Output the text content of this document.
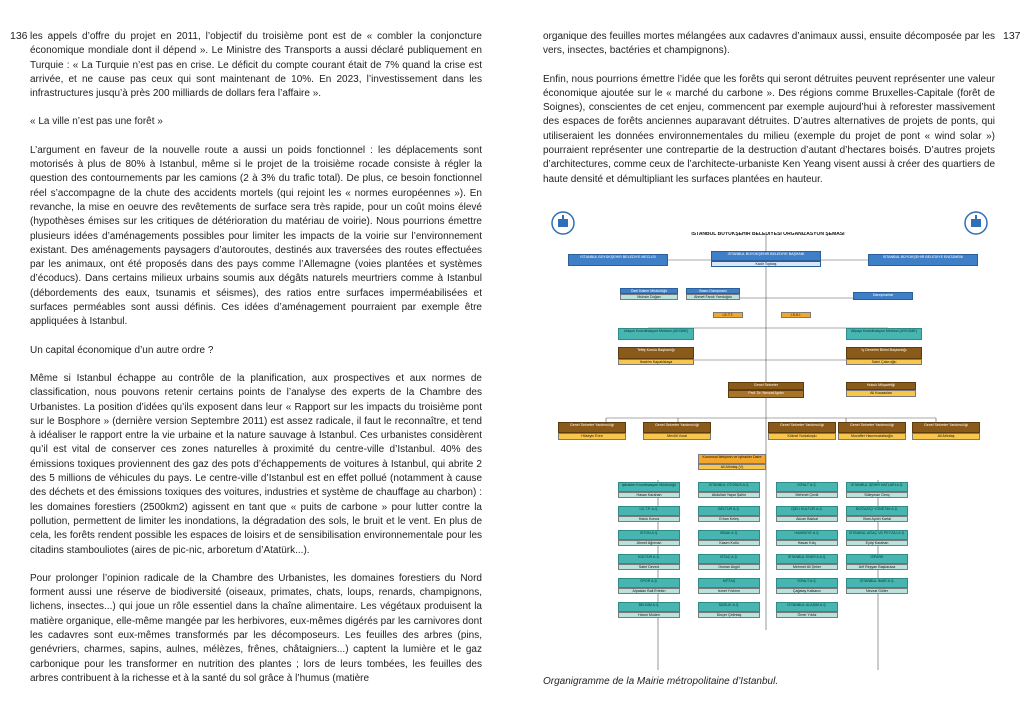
136	137

les appels d’offre du projet en 2011, l’objectif du troisième pont est de « combler la conjoncture économique mondiale dont il dépend ». Le Ministre des Transports a aussi déclaré publiquement en Turquie : « La Turquie n’est pas en crise. Le déficit du compte courant était de 7% quand la crise est arrivée, et ne cause pas ceux qui sont maintenant de 10%. En 2023, l’investissement dans les infrastructures jusqu’à près 200 milliards de dollars fera l’affaire ».

« La ville n’est pas une forêt »

L’argument en faveur de la nouvelle route a aussi un poids fonctionnel : les déplacements sont motorisés à plus de 80% à Istanbul, même si le projet de la troisième rocade consiste à régler la question des contournements par les camions (2 à 3% du trafic total). De plus, ce besoin fonctionnel réel s’accompagne de la chute des accidents mortels (qui rejoint les « normes européennes »). En revanche, la mise en oeuvre des revêtements de surface sera très rapide, pour un coût moins élevé (hypothèses émises sur les critiques de détérioration du matériau de voirie). Nous pourrions émettre plusieurs idées d’aménagements possibles pour limiter les impacts de la voirie sur l’environnement existant. Des aménagements paysagers d’autoroutes, destinés aux traversées des routes effectuées par les animaux, ont été proposés dans des pays comme l’Allemagne (voies plantées et systèmes d’écoducs). Dans certains milieux urbains soumis aux dégâts naturels meurtriers comme à Istanbul (débordements des eaux, tsunamis et séismes), des ratios entre surfaces imperméabilisées et surfaces perméables sont aussi définis. Ces idées d’aménagement pourraient par exemple être appliquées à Istanbul.

Un capital économique d’un autre ordre ?

Même si Istanbul échappe au contrôle de la planification, aux prospectives et aux normes de classification, nous pouvons retenir certains points de l’analyse des experts de la Chambre des Urbanistes. La position d’idées qu’ils exposent dans leur « Rapport sur les impacts du troisième pont sur le Bosphore » (dernière version Septembre 2011) est assez radicale, il faut le reconnaître, et tend à idéaliser le rapport entre la vie urbaine et la nature sauvage à Istanbul. Ces urbanistes considèrent qu’il est vital de conserver ces zones naturelles à proximité du centre-ville d’Istanbul. 40% des émissions toxiques proviennent des gaz des pots d’échappements de voitures à Istanbul, qui abrite 2 des 5 millions de véhicules du pays. Le centre-ville d’Istanbul est en effet pollué (notamment à cause des déchets et des émissions toxiques des voitures, industries et système de chauffage au charbon) : les domaines forestiers (2500km2) agissent en tant que « puits de carbone » pour lutter contre la pollution, permettent de limiter les inondations, la dégradation des sols, le bruit et le vent. En plus de cela, les forêts rendent possible les espaces de loisirs et de sensibilisation environnementale pour les citadins stambouliotes (aires de pic-nic, arboretum d’Atatürk...).

Pour prolonger l’opinion radicale de la Chambre des Urbanistes, les domaines forestiers du Nord forment aussi une réserve de biodiversité (oiseaux, primates, chats, loups, renards, champignons, lichens, insectes...) qui joue un rôle essentiel dans la chaîne alimentaire. Les végétaux produisent la matière organique, elle-même mangée par les herbivores, eux-mêmes digérés par les carnivores dont les cadavres sont eux-mêmes transformés par les décomposeurs. Les feuilles des arbres (pins, genévriers, charmes, sapins, aulnes, mélèzes, frênes, châtaigniers...) captent la lumière et le gaz carbonique pour les transformer en nutrition des plantes ; lors de leurs tombées, les feuilles des arbres contribuent à la richesse et à la santé du sol grâce à l’humus (matière

organique des feuilles mortes mélangées aux cadavres d’animaux aussi, ensuite décomposée par les vers, insectes, bactéries et champignons).

Enfin, nous pourrions émettre l’idée que les forêts qui seront détruites peuvent représenter une valeur économique ajoutée sur le « marché du carbone ». Des régions comme Bruxelles-Capitale (forêt de Soignes), conscientes de cet enjeu, commencent par exemple aujourd’hui à reforester massivement des espaces de forêts anciennes auparavant détruites. D’autres alternatives de projets de ponts, qui utiliseraient les données environnementales du milieu (exemple du projet de pont « wind solar ») pourraient représenter une contrepartie de la destruction d’autant d’hectares boisés. D’autres projets d’architectures, comme ceux de l’architecte-urbaniste Ken Yeang visent aussi à créer des quartiers de haute densité et démultipliant les surfaces plantées en hauteur.

İSTANBUL BÜYÜKŞEHİR BELEDİYESİ ORGANİZASYON ŞEMASI
İSTANBUL BÜYÜKŞEHİR BELEDİYE MECLİSİ
İSTANBUL BÜYÜKŞEHİR BELEDİYE BAŞKANI
Kadir Topbaş
İSTANBUL BÜYÜKŞEHİR BELEDİYE ENCÜMENİ
Özel Kalem Müdürlüğü
Muhsin Doğan
Basın Danışmanı
Ahmet Faruk Yarıdoğdu	Danışmanlar
İ.E.T.T.	İ.S.K.İ.
Ulaşım Koordinasyon Merkezi (UKOME)	Altyapı Koordinasyon Merkezi (AYKOME)
Teftiş Kurulu Başkanlığı
İbrahim Kapaklıkaya
İç Denetim Birimi Başkanlığı
Sabri Çakıroğlu
Genel Sekreter
Prof. Dr. Nevzat Aydın
Hukuk Müşavirliği
Ali Kocaaslan
Genel Sekreter Yardımcılığı
Hüseyin Eren
Genel Sekreter Yardımcılığı
Mevlüt Vural
Genel Sekreter Yardımcılığı
Kükrat Yurdakoşlu
Genel Sekreter Yardımcılığı
Muzaffer Hacımustafaoğlu
Genel Sekreter Yardımcılığı
Ali Altıntaş
Kurumsal İletişimin ve İştirakler Daire
Ali Altıntaş (V)
İştirakler Koordinasyon Müdürlüğü
Hasan Karahan
İSTANBUL OTOBÜS A.Ş.
Abdullah Yaşar Şahin
İSFALT A.Ş.
Mehmet Çevik
İSTANBUL ŞEHİR HATLARI A.Ş.
Süleyman Genç
İ.D.T.P. A.Ş.
Haluk Konca
BELTUR A.Ş.
Erhan Keleş
İŞELİ KÜLTÜR A.Ş.
Akcan Bakkal
BOĞAZİÇİ YÖNETİM A.Ş.
İlhan Aydın Kartal
İSTON A.Ş.
Ahmet Ağırman
İSBAK A.Ş.
Kasım Kutlu
HAMİDİYE A.Ş.
Hasan Kılıç
İSTANBUL AĞAÇ VE PEYZAJ A.Ş.
Eyüp Karahan
KÜLTÜR A.Ş.
Sabri Deveci
İSTAÇ A.Ş.
Osman Akgül
İSTANBUL ENERJİ A.Ş.
Mehmet Ali Şeker
İSPARK
Arif Reşyan Başkaraca
SPOR A.Ş.
Alpaslan Bali Ertekin
KİPTAŞ
İsmet Yıldırım
İSPALT A.Ş.
Çağatay Kalkancı
İSTANBUL İMAR A.Ş.
Nevzat Gülter
BELBİM A.Ş.
Harun Muden
SAĞLIK A.Ş.
Dinçer Çetintaş
İSTANBUL ULAŞIM A.Ş.
Ömer Yıldız
Organigramme de la Mairie métropolitaine d’Istanbul.
